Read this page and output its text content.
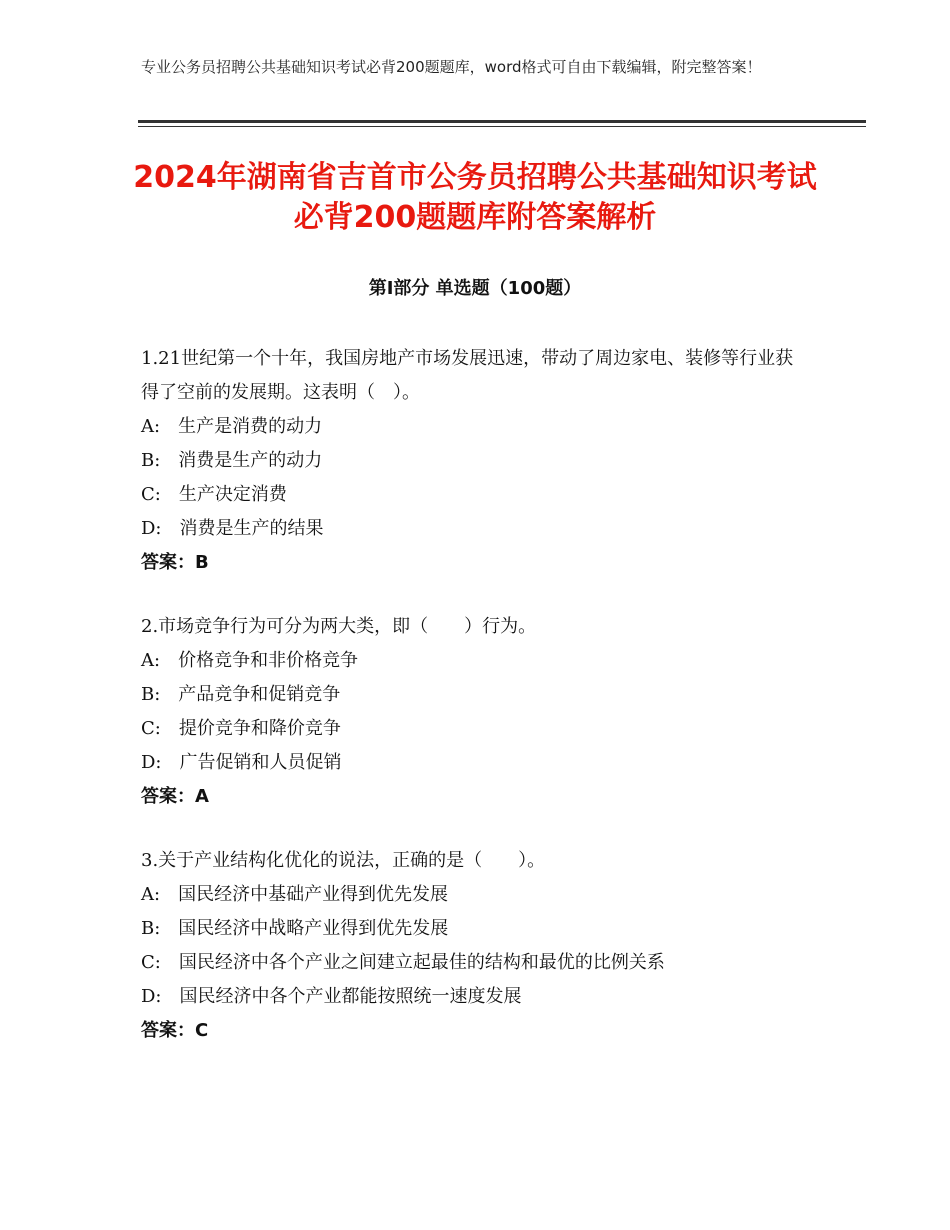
专业公务员招聘公共基础知识考试必背200题题库，word格式可自由下载编辑，附完整答案！
2024年湖南省吉首市公务员招聘公共基础知识考试必背200题题库附答案解析
第Ⅰ部分 单选题（100题）
1.21世纪第一个十年，我国房地产市场发展迅速，带动了周边家电、装修等行业获得了空前的发展期。这表明（　）。
A:　生产是消费的动力
B:　消费是生产的动力
C:　生产决定消费
D:　消费是生产的结果
答案：B
2.市场竞争行为可分为两大类，即（　　）行为。
A:　价格竞争和非价格竞争
B:　产品竞争和促销竞争
C:　提价竞争和降价竞争
D:　广告促销和人员促销
答案：A
3.关于产业结构化优化的说法，正确的是（　　）。
A:　国民经济中基础产业得到优先发展
B:　国民经济中战略产业得到优先发展
C:　国民经济中各个产业之间建立起最佳的结构和最优的比例关系
D:　国民经济中各个产业都能按照统一速度发展
答案：C
